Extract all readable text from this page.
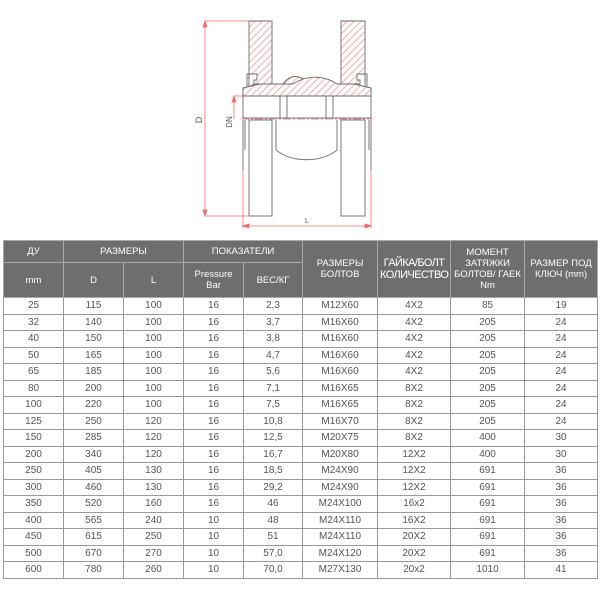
D	DN
L
ДУ	РАЗМЕРЫ		ПОКАЗАТЕЛИ		РАЗМЕРЫ БОЛТОВ	ГАЙКА/БОЛТ КОЛИЧЕСТВО	МОМЕНТ ЗАТЯЖКИ БОЛТОВ/ ГАЕК Nm	РАЗМЕР ПОД КЛЮЧ (mm)
mm	D	L	Pressure Bar	ВЕС/КГ				
25	115	100	16	2,3	M12X60	4X2	85	19
32	140	100	16	3,7	M16X60	4X2	205	24
40	150	100	16	3,8	M16X60	4X2	205	24
50	165	100	16	4,7	M16X60	4X2	205	24
65	185	100	16	5,6	M16X60	4X2	205	24
80	200	100	16	7,1	M16X65	8X2	205	24
100	220	100	16	7,5	M16X65	8X2	205	24
125	250	120	16	10,8	M16X70	8X2	205	24
150	285	120	16	12,5	M20X75	8X2	400	30
200	340	120	16	16,7	M20X80	12X2	400	30
250	405	130	16	18,5	M24X90	12X2	691	36
300	460	130	16	29,2	M24X90	12X2	691	36
350	520	160	16	46	M24X100	16x2	691	36
400	565	240	10	48	M24X110	16X2	691	36
450	615	250	10	51	M24X110	20X2	691	36
500	670	270	10	57,0	M24X120	20X2	691	36
600	780	260	10	70,0	M27X130	20x2	1010	41
